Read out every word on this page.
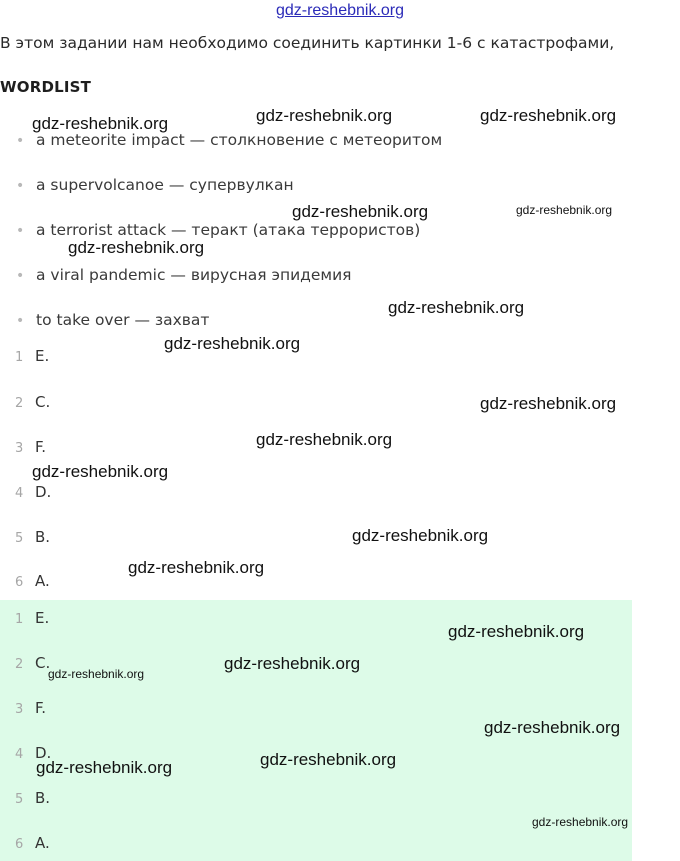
gdz-reshebnik.org
В этом задании нам необходимо соединить картинки 1-6 с катастрофами,
WORDLIST
• a meteorite impact — столкновение с метеоритом
• a supervolcanoe — супервулкан
• a terrorist attack — теракт (атака террористов)
• a viral pandemic — вирусная эпидемия
• to take over — захват
1 E.
2 C.
3 F.
4 D.
5 B.
6 A.
1 E.
2 C.
3 F.
4 D.
5 B.
6 A.
gdz-reshebnik.org	gdz-reshebnik.org
gdz-reshebnik.org
gdz-reshebnik.org	gdz-reshebnik.org
gdz-reshebnik.org
gdz-reshebnik.org
gdz-reshebnik.org
gdz-reshebnik.org
gdz-reshebnik.org
gdz-reshebnik.org
gdz-reshebnik.org
gdz-reshebnik.org
gdz-reshebnik.org
gdz-reshebnik.org
gdz-reshebnik.org
gdz-reshebnik.org
gdz-reshebnik.org
gdz-reshebnik.org
gdz-reshebnik.org
